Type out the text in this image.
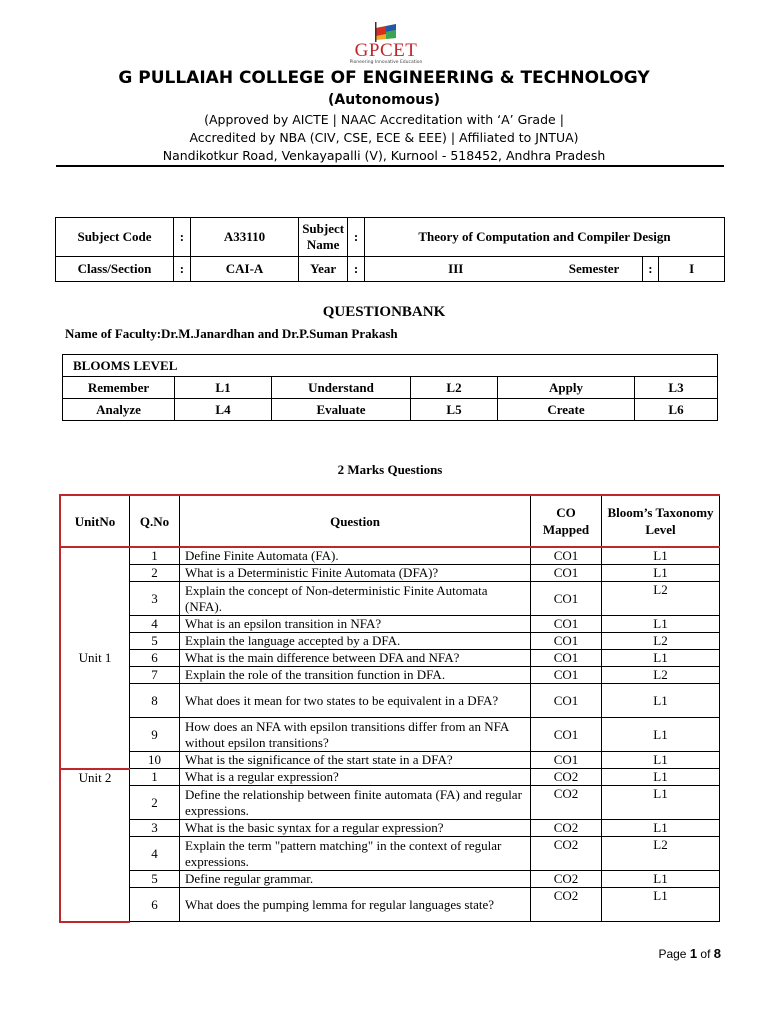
GPCET
Pioneering Innovative Education
G PULLAIAH COLLEGE OF ENGINEERING & TECHNOLOGY
(Autonomous)
(Approved by AICTE | NAAC Accreditation with ‘A’ Grade |
Accredited by NBA (CIV, CSE, ECE & EEE) | Affiliated to JNTUA)
Nandikotkur Road, Venkayapalli (V), Kurnool - 518452, Andhra Pradesh
Subject Code	:	A33110	Subject Name	:	Theory of Computation and Compiler Design			
Class/Section	:	CAI-A	Year	:	III	Semester	:	I
QUESTIONBANK
Name of Faculty:Dr.M.Janardhan and Dr.P.Suman Prakash
BLOOMS LEVEL					
Remember	L1	Understand	L2	Apply	L3
Analyze	L4	Evaluate	L5	Create	L6
2 Marks Questions
UnitNo	Q.No	Question	CO Mapped	Bloom’s Taxonomy Level
Unit 1	1	Define Finite Automata (FA).	CO1	L1
	2	What is a Deterministic Finite Automata (DFA)?	CO1	L1
	3	Explain the concept of Non-deterministic Finite Automata (NFA).	CO1	L2
	4	What is an epsilon transition in NFA?	CO1	L1
	5	Explain the language accepted by a DFA.	CO1	L2
	6	What is the main difference between DFA and NFA?	CO1	L1
	7	Explain the role of the transition function in DFA.	CO1	L2
	8	What does it mean for two states to be equivalent in a DFA?	CO1	L1
	9	How does an NFA with epsilon transitions differ from an NFA without epsilon transitions?	CO1	L1
	10	What is the significance of the start state in a DFA?	CO1	L1
Unit 2	1	What is a regular expression?	CO2	L1
	2	Define the relationship between finite automata (FA) and regular expressions.	CO2	L1
	3	What is the basic syntax for a regular expression?	CO2	L1
	4	Explain the term "pattern matching" in the context of regular expressions.	CO2	L2
	5	Define regular grammar.	CO2	L1
	6	What does the pumping lemma for regular languages state?	CO2	L1
Page 1 of 8
